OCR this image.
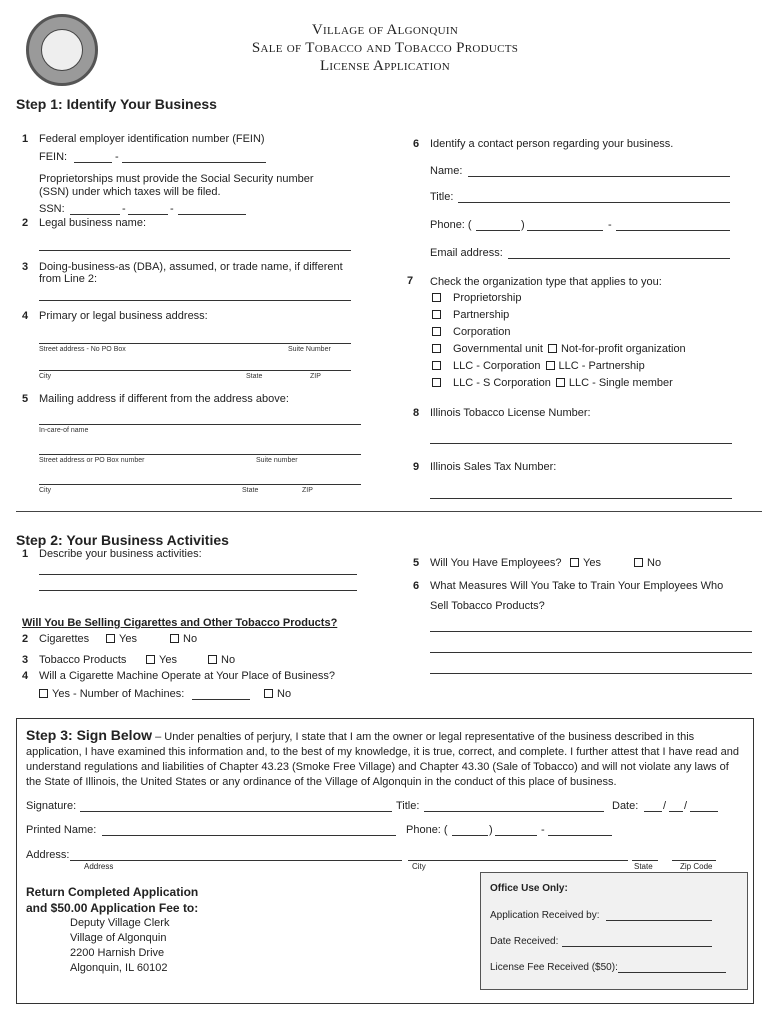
Village of Algonquin
Sale of Tobacco and Tobacco Products
License Application
Step 1: Identify Your Business
1 Federal employer identification number (FEIN)
FEIN:	-
Proprietorships must provide the Social Security number
(SSN) under which taxes will be filed.
SSN:	-	-
2 Legal business name:
3 Doing-business-as (DBA), assumed, or trade name, if different
from Line 2:
4 Primary or legal business address:
Street address - No PO Box	Suite Number
City	State	ZIP
5 Mailing address if different from the address above:
In-care-of name
Street address or PO Box number	Suite number
City	State	ZIP
6 Identify a contact person regarding your business.
Name:
Title:
Phone: (	)	-
Email address:
7 Check the organization type that applies to you:
Proprietorship
Partnership
Corporation
Governmental unit Not-for-profit organization
LLC - Corporation LLC - Partnership
LLC - S Corporation LLC - Single member
8 Illinois Tobacco License Number:
9 Illinois Sales Tax Number:
Step 2: Your Business Activities
1 Describe your business activities:
Will You Be Selling Cigarettes and Other Tobacco Products?
2 Cigarettes	Yes	No
3 Tobacco Products	Yes	No
4 Will a Cigarette Machine Operate at Your Place of Business?
Yes - Number of Machines:	No
5 Will You Have Employees?	Yes	No
6 What Measures Will You Take to Train Your Employees Who
Sell Tobacco Products?
Step 3: Sign Below – Under penalties of perjury, I state that I am the owner or legal representative of the business described in this application, I have examined this information and, to the best of my knowledge, it is true, correct, and complete. I further attest that I have read and understand regulations and liabilities of Chapter 43.23 (Smoke Free Village) and Chapter 43.30 (Sale of Tobacco) and will not violate any laws of the State of Illinois, the United States or any ordinance of the Village of Algonquin in the conduct of this place of business.
Signature:	Title:	Date: / /
Printed Name:	Phone: (	)	-
Address:
Address	City	State	Zip Code
Return Completed Application
and $50.00 Application Fee to:
Deputy Village Clerk
Village of Algonquin
2200 Harnish Drive
Algonquin, IL 60102
Office Use Only:
Application Received by:
Date Received:
License Fee Received ($50):
